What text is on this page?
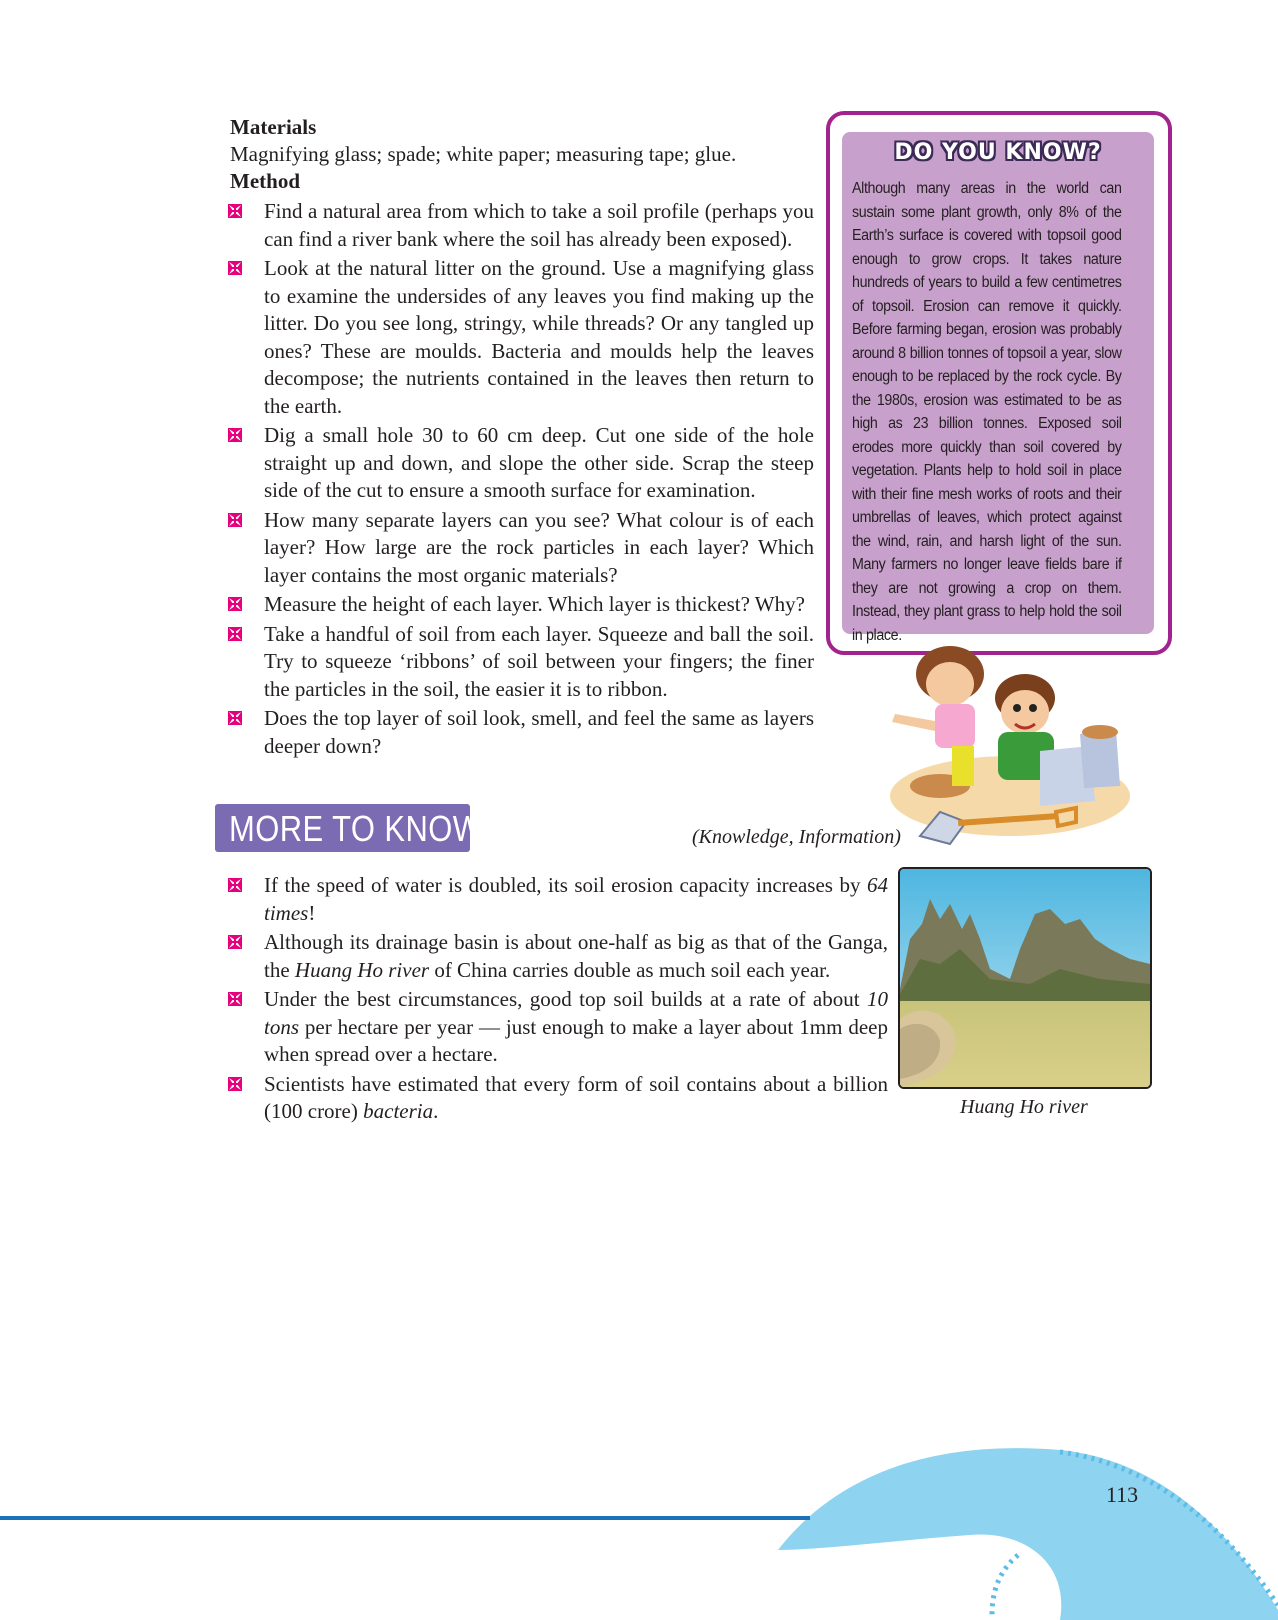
Materials
Magnifying glass; spade; white paper; measuring tape; glue.
Method
Find a natural area from which to take a soil profile (perhaps you can find a river bank where the soil has already been exposed).
Look at the natural litter on the ground. Use a magnifying glass to examine the undersides of any leaves you find making up the litter. Do you see long, stringy, while threads? Or any tangled up ones? These are moulds. Bacteria and moulds help the leaves decompose; the nutrients contained in the leaves then return to the earth.
Dig a small hole 30 to 60 cm deep. Cut one side of the hole straight up and down, and slope the other side. Scrap the steep side of the cut to ensure a smooth surface for examination.
How many separate layers can you see? What colour is of each layer? How large are the rock particles in each layer? Which layer contains the most organic materials?
Measure the height of each layer. Which layer is thickest? Why?
Take a handful of soil from each layer. Squeeze and ball the soil. Try to squeeze ‘ribbons’ of soil between your fingers; the finer the particles in the soil, the easier it is to ribbon.
Does the top layer of soil look, smell, and feel the same as layers deeper down?
DO YOU KNOW?
Although many areas in the world can sustain some plant growth, only 8% of the Earth’s surface is covered with topsoil good enough to grow crops. It takes nature hundreds of years to build a few centimetres of topsoil. Erosion can remove it quickly. Before farming began, erosion was probably around 8 billion tonnes of topsoil a year, slow enough to be replaced by the rock cycle. By the 1980s, erosion was estimated to be as high as 23 billion tonnes. Exposed soil erodes more quickly than soil covered by vegetation. Plants help to hold soil in place with their fine mesh works of roots and their umbrellas of leaves, which protect against the wind, rain, and harsh light of the sun. Many farmers no longer leave fields bare if they are not growing a crop on them. Instead, they plant grass to help hold the soil in place.
MORE TO KNOW	(Knowledge, Information)
If the speed of water is doubled, its soil erosion capacity increases by 64 times!
Although its drainage basin is about one-half as big as that of the Ganga, the Huang Ho river of China carries double as much soil each year.
Under the best circumstances, good top soil builds at a rate of about 10 tons per hectare per year — just enough to make a layer about 1mm deep when spread over a hectare.
Scientists have estimated that every form of soil contains about a billion (100 crore) bacteria.	Huang Ho river
113
